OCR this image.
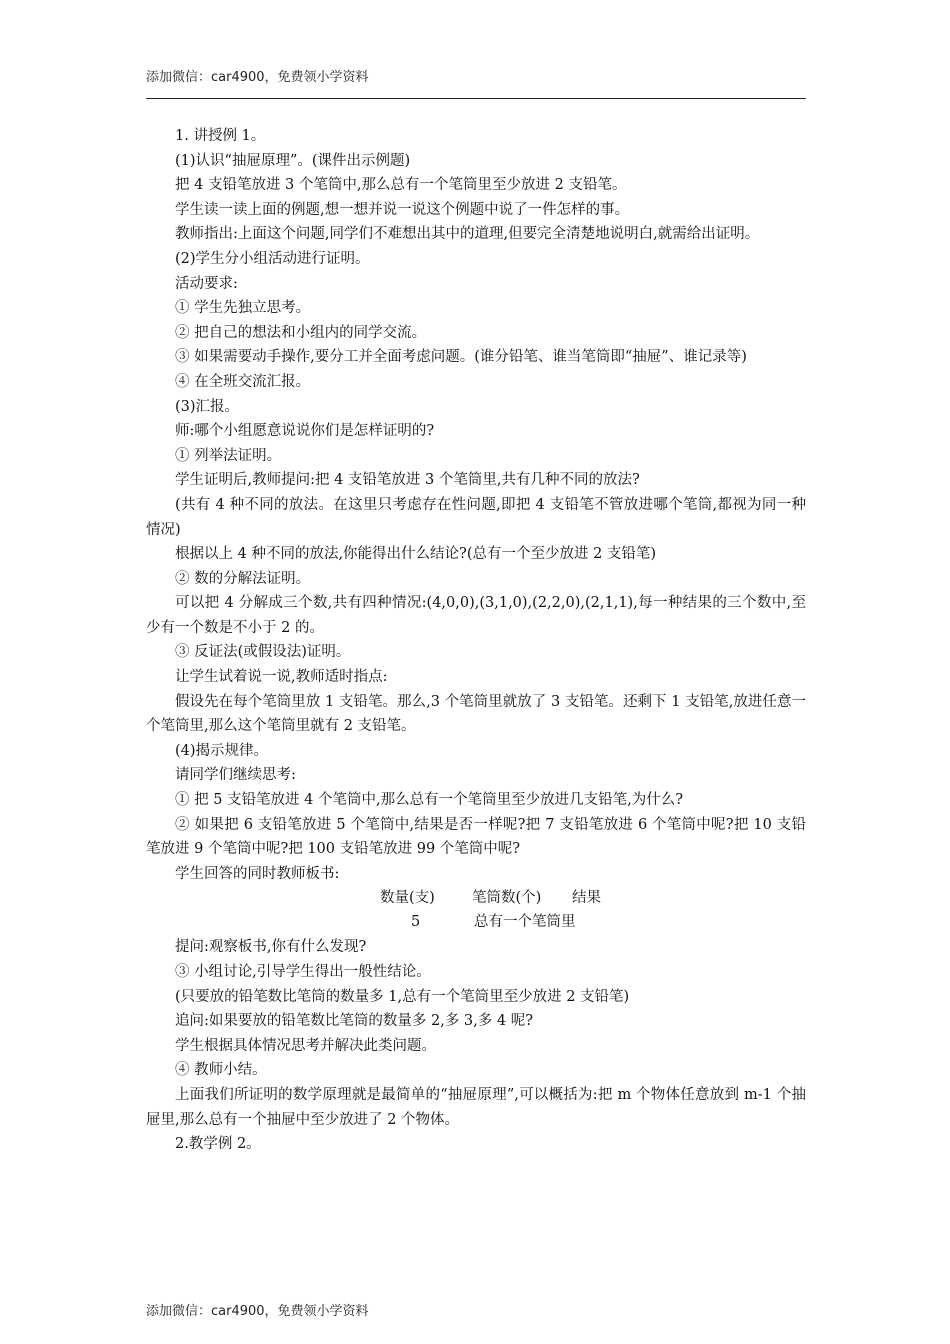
添加微信：car4900，免费领小学资料

1. 讲授例 1。

(1)认识“抽屉原理”。(课件出示例题)

把 4 支铅笔放进 3 个笔筒中,那么总有一个笔筒里至少放进 2 支铅笔。

学生读一读上面的例题,想一想并说一说这个例题中说了一件怎样的事。

教师指出:上面这个问题,同学们不难想出其中的道理,但要完全清楚地说明白,就需给出证明。

(2)学生分小组活动进行证明。

活动要求:

① 学生先独立思考。

② 把自己的想法和小组内的同学交流。

③ 如果需要动手操作,要分工并全面考虑问题。(谁分铅笔、谁当笔筒即“抽屉”、谁记录等)

④ 在全班交流汇报。

(3)汇报。

师:哪个小组愿意说说你们是怎样证明的?

① 列举法证明。

学生证明后,教师提问:把 4 支铅笔放进 3 个笔筒里,共有几种不同的放法?

(共有 4 种不同的放法。在这里只考虑存在性问题,即把 4 支铅笔不管放进哪个笔筒,都视为同一种情况)

根据以上 4 种不同的放法,你能得出什么结论?(总有一个至少放进 2 支铅笔)

② 数的分解法证明。

可以把 4 分解成三个数,共有四种情况:(4,0,0),(3,1,0),(2,2,0),(2,1,1),每一种结果的三个数中,至少有一个数是不小于 2 的。

③ 反证法(或假设法)证明。

让学生试着说一说,教师适时指点:

假设先在每个笔筒里放 1 支铅笔。那么,3 个笔筒里就放了 3 支铅笔。还剩下 1 支铅笔,放进任意一个笔筒里,那么这个笔筒里就有 2 支铅笔。

(4)揭示规律。

请同学们继续思考:

① 把 5 支铅笔放进 4 个笔筒中,那么总有一个笔筒里至少放进几支铅笔,为什么?

② 如果把 6 支铅笔放进 5 个笔筒中,结果是否一样呢?把 7 支铅笔放进 6 个笔筒中呢?把 10 支铅笔放进 9 个笔筒中呢?把 100 支铅笔放进 99 个笔筒中呢?

学生回答的同时教师板书:

数量(支)	笔筒数(个) 结果
5	总有一个笔筒里

提问:观察板书,你有什么发现?

③ 小组讨论,引导学生得出一般性结论。

(只要放的铅笔数比笔筒的数量多 1,总有一个笔筒里至少放进 2 支铅笔)

追问:如果要放的铅笔数比笔筒的数量多 2,多 3,多 4 呢?

学生根据具体情况思考并解决此类问题。

④ 教师小结。

上面我们所证明的数学原理就是最简单的“抽屉原理”,可以概括为:把 m 个物体任意放到 m-1 个抽屉里,那么总有一个抽屉中至少放进了 2 个物体。

2.教学例 2。

添加微信：car4900，免费领小学资料
